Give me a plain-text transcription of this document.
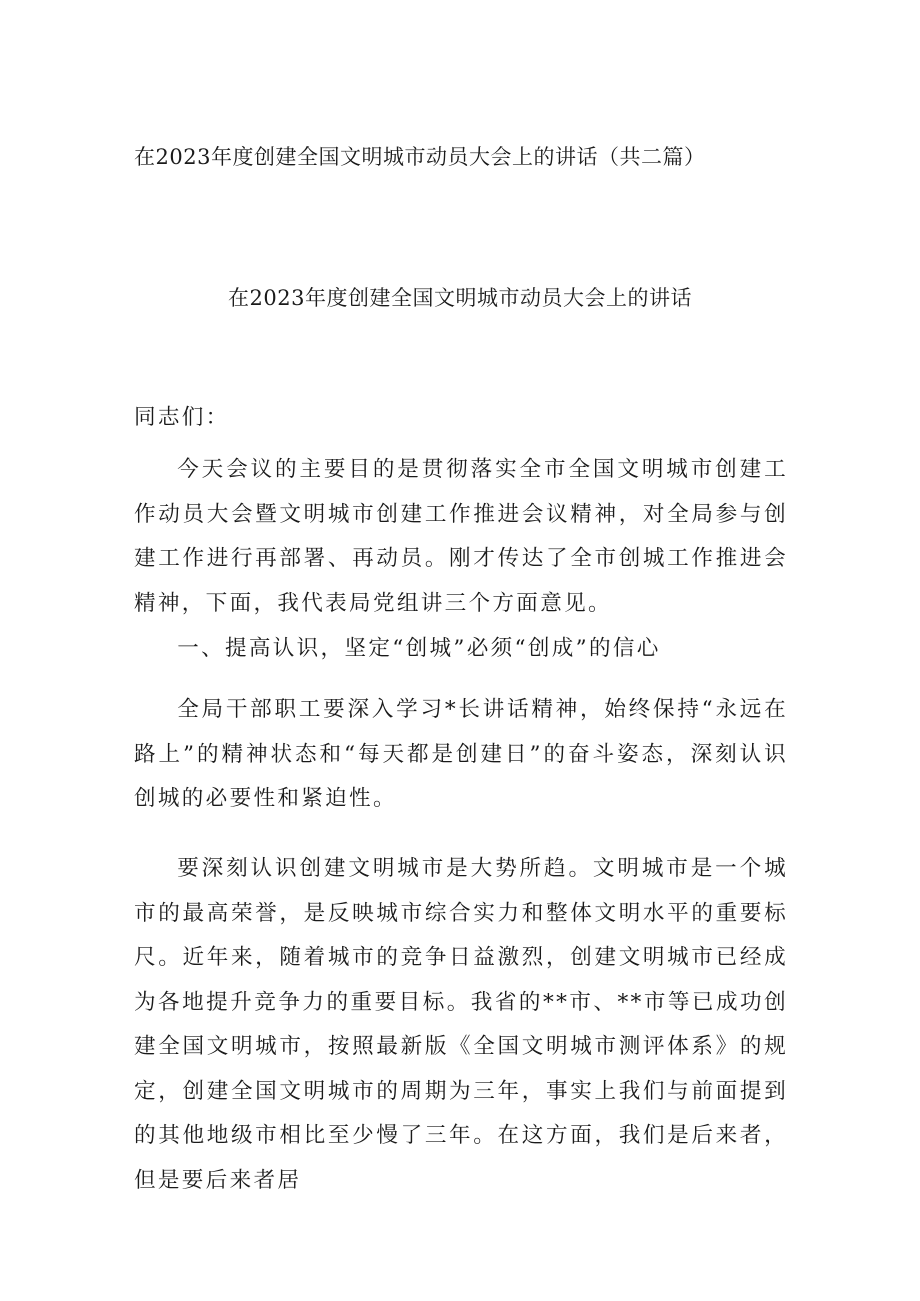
在2023年度创建全国文明城市动员大会上的讲话（共二篇）
在2023年度创建全国文明城市动员大会上的讲话

同志们：

今天会议的主要目的是贯彻落实全市全国文明城市创建工作动员大会暨文明城市创建工作推进会议精神，对全局参与创建工作进行再部署、再动员。刚才传达了全市创城工作推进会精神，下面，我代表局党组讲三个方面意见。

一、提高认识，坚定“创城”必须“创成”的信心

全局干部职工要深入学习*长讲话精神，始终保持“永远在路上”的精神状态和“每天都是创建日”的奋斗姿态，深刻认识创城的必要性和紧迫性。

要深刻认识创建文明城市是大势所趋。文明城市是一个城市的最高荣誉，是反映城市综合实力和整体文明水平的重要标尺。近年来，随着城市的竞争日益激烈，创建文明城市已经成为各地提升竞争力的重要目标。我省的**市、**市等已成功创建全国文明城市，按照最新版《全国文明城市测评体系》的规定，创建全国文明城市的周期为三年，事实上我们与前面提到的其他地级市相比至少慢了三年。在这方面，我们是后来者，但是要后来者居
